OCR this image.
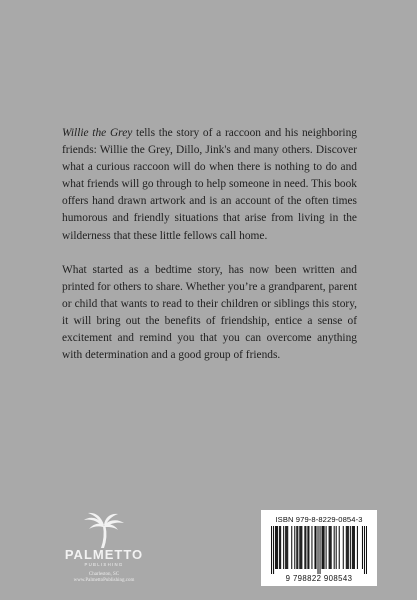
Willie the Grey tells the story of a raccoon and his neighboring friends: Willie the Grey, Dillo, Jink's and many others. Discover what a curious raccoon will do when there is nothing to do and what friends will go through to help someone in need. This book offers hand drawn artwork and is an account of the often times humorous and friendly situations that arise from living in the wilderness that these little fellows call home.

What started as a bedtime story, has now been written and printed for others to share. Whether you’re a grandparent, parent or child that wants to read to their children or siblings this story, it will bring out the benefits of friendship, entice a sense of excitement and remind you that you can overcome anything with determination and a good group of friends.

PALMETTO
PUBLISHING
Charleston, SC
www.PalmettoPublishing.com
ISBN 979-8-8229-0854-3
9 798822 908543
